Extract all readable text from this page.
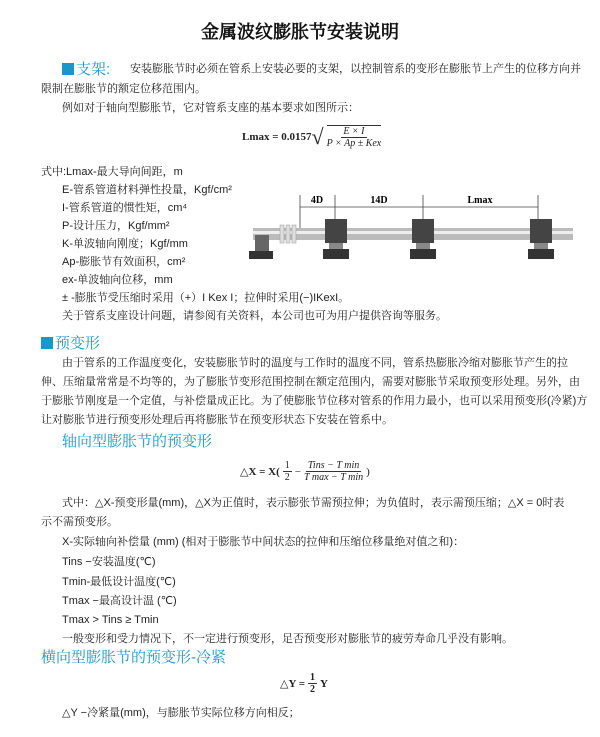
金属波纹膨胀节安装说明
支架: 安装膨胀节时必须在管系上安装必要的支架，以控制管系的变形在膨胀节上产生的位移方向并
限制在膨胀节的额定位移范围内。
例如对于轴向型膨胀节，它对管系支座的基本要求如图所示：
Lmax = 0.0157 √ $\frac{E \times I}{\text{P × Ap ± Kex}}$
式中:Lmax-最大导向间距，m
E-管系管道材料弹性投量，Kgf/cm²
I-管系管道的惯性矩，cm⁴
P-设计压力，Kgf/mm²
K-单波轴向刚度；Kgf/mm
Ap-膨胀节有效面积，cm²
ex-单波轴向位移，mm
± -膨胀节受压缩时采用（+）I Kex I；拉伸时采用(−)IKexI。
关于管系支座设计问题，请参阅有关资料，本公司也可为用户提供咨询等服务。
4D	14D	Lmax
预变形
由于管系的工作温度变化，安装膨胀节时的温度与工作时的温度不同，管系热膨胀冷缩对膨胀节产生的拉
伸、压缩量常常是不均等的，为了膨胀节变形范围控制在额定范围内，需要对膨胀节采取预变形处理。另外，由
于膨胀节刚度是一个定值，与补偿量成正比。为了使膨胀节位移对管系的作用力最小，也可以采用预变形(冷紧)方
让对膨胀节进行预变形处理后再将膨胀节在预变形状态下安装在管系中。
轴向型膨胀节的预变形
△X = $X( \frac{1}{2} - \frac{\text{Tins − T min}}{\text{T max − T min}}$ )
式中：△X-预变形量(mm)，△X为正值时，表示膨张节需预拉伸；为负值时，表示需预压缩；△X = 0时表
示不需预变形。
X-实际轴向补偿量 (mm) (相对于膨胀节中间状态的拉伸和压缩位移量绝对值之和)：
Tins −安装温度(℃)
Tmin-最低设计温度(℃)
Tmax −最高设计温 (℃)
Tmax > Tins ≥ Tmin
一般变形和受力情况下，不一定进行预变形，足否预变形对膨胀节的疲劳寿命几乎没有影响。
横向型膨胀节的预变形-冷紧
△Y = $\frac{1}{2}$ Y
△Y −冷紧量(mm)，与膨胀节实际位移方向相反；
